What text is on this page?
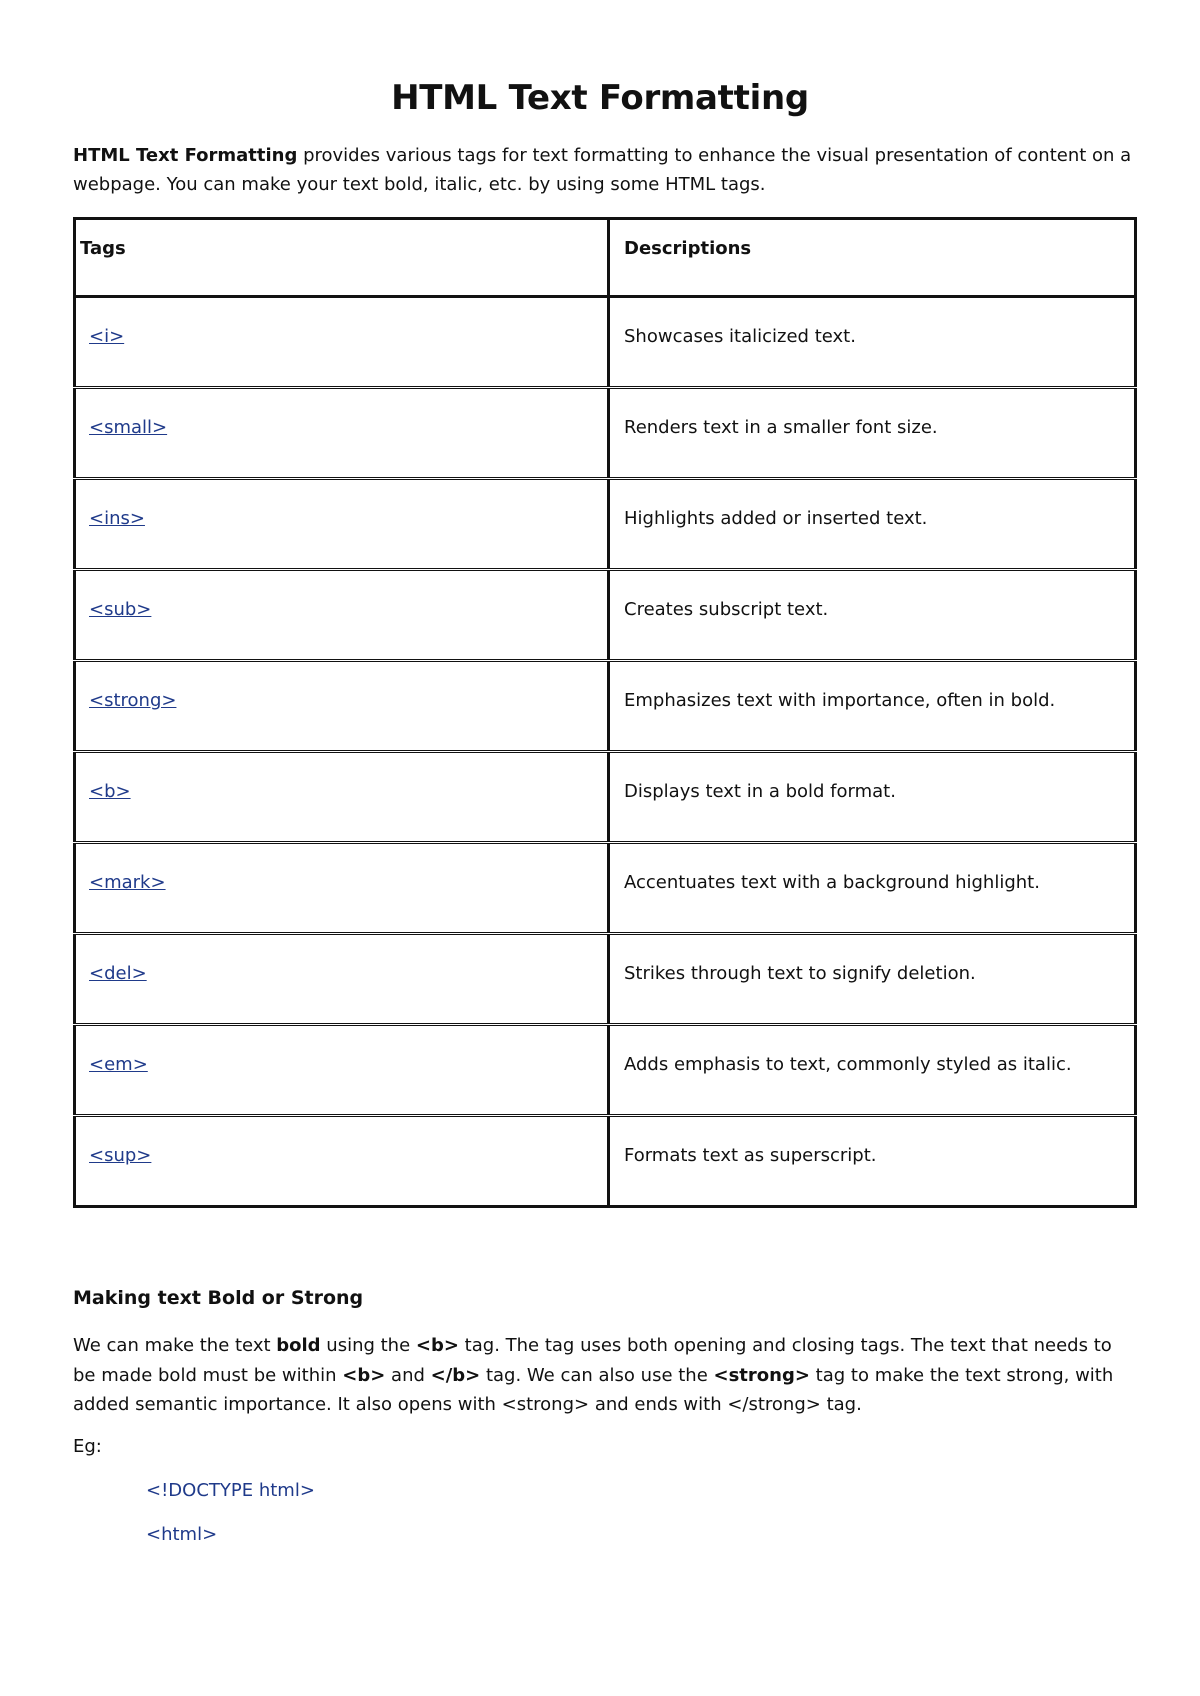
HTML Text Formatting
HTML Text Formatting provides various tags for text formatting to enhance the visual presentation of content on a webpage. You can make your text bold, italic, etc. by using some HTML tags.
Tags	Descriptions

<i>	Showcases italicized text.

<small>	Renders text in a smaller font size.

<ins>	Highlights added or inserted text.

<sub>	Creates subscript text.

<strong>	Emphasizes text with importance, often in bold.

<b>	Displays text in a bold format.

<mark>	Accentuates text with a background highlight.

<del>	Strikes through text to signify deletion.

<em>	Adds emphasis to text, commonly styled as italic.

<sup>	Formats text as superscript.
Making text Bold or Strong
We can make the text bold using the <b> tag. The tag uses both opening and closing tags. The text that needs to be made bold must be within <b> and </b> tag. We can also use the <strong> tag to make the text strong, with added semantic importance. It also opens with <strong> and ends with </strong> tag.
Eg:
<!DOCTYPE html>
<html>
